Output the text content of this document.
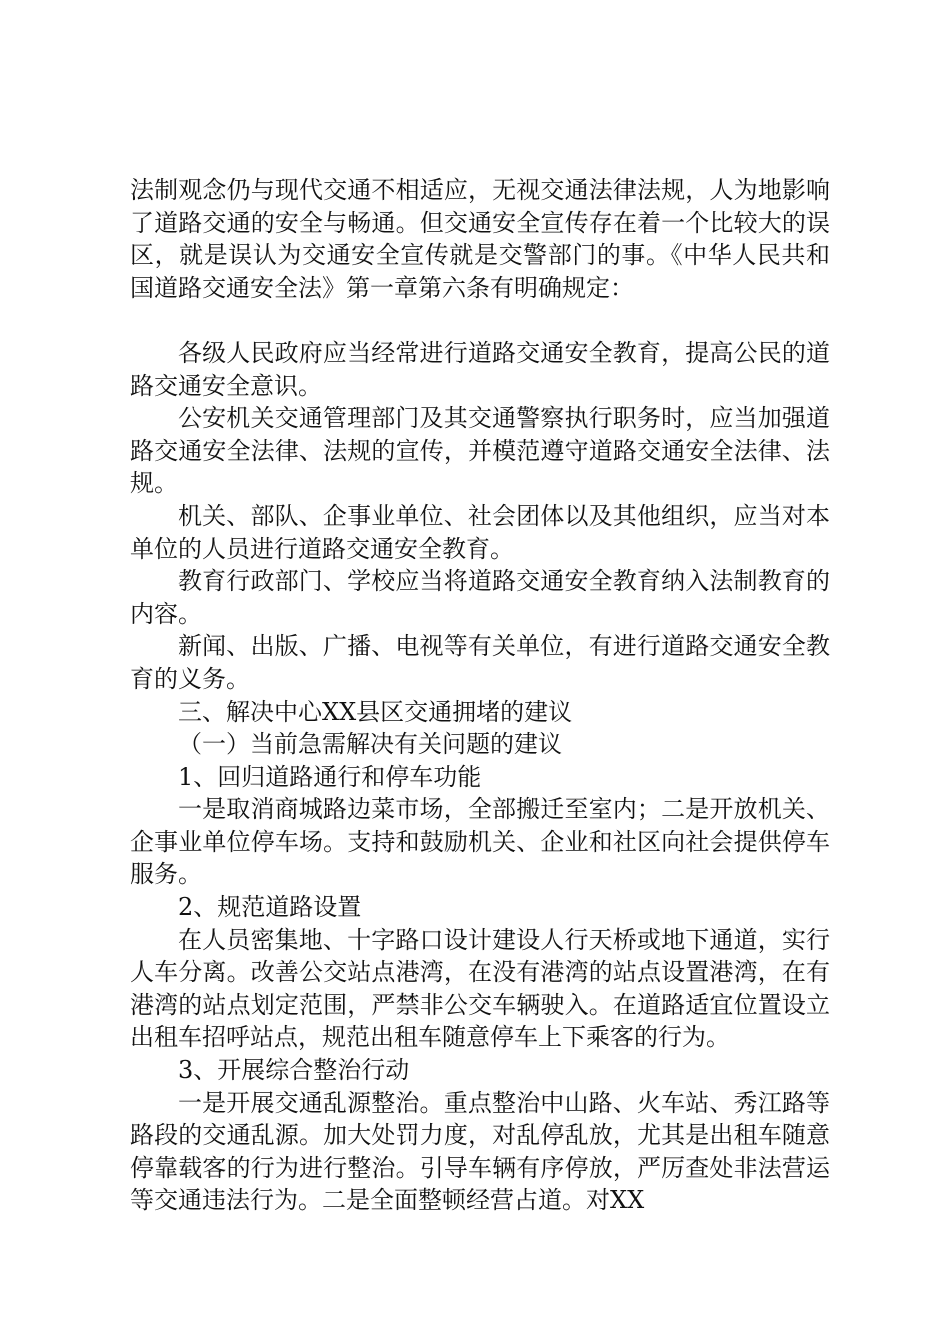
法制观念仍与现代交通不相适应，无视交通法律法规，人为地影响了道路交通的安全与畅通。但交通安全宣传存在着一个比较大的误区，就是误认为交通安全宣传就是交警部门的事。《中华人民共和国道路交通安全法》第一章第六条有明确规定：

各级人民政府应当经常进行道路交通安全教育，提高公民的道路交通安全意识。

公安机关交通管理部门及其交通警察执行职务时，应当加强道路交通安全法律、法规的宣传，并模范遵守道路交通安全法律、法规。

机关、部队、企事业单位、社会团体以及其他组织，应当对本单位的人员进行道路交通安全教育。

教育行政部门、学校应当将道路交通安全教育纳入法制教育的内容。

新闻、出版、广播、电视等有关单位，有进行道路交通安全教育的义务。

三、解决中心XX县区交通拥堵的建议

（一）当前急需解决有关问题的建议

1、回归道路通行和停车功能

一是取消商城路边菜市场，全部搬迁至室内；二是开放机关、企事业单位停车场。支持和鼓励机关、企业和社区向社会提供停车服务。

2、规范道路设置

在人员密集地、十字路口设计建设人行天桥或地下通道，实行人车分离。改善公交站点港湾，在没有港湾的站点设置港湾，在有港湾的站点划定范围，严禁非公交车辆驶入。在道路适宜位置设立出租车招呼站点，规范出租车随意停车上下乘客的行为。

3、开展综合整治行动

一是开展交通乱源整治。重点整治中山路、火车站、秀江路等路段的交通乱源。加大处罚力度，对乱停乱放，尤其是出租车随意停靠载客的行为进行整治。引导车辆有序停放，严厉查处非法营运等交通违法行为。二是全面整顿经营占道。对XX
